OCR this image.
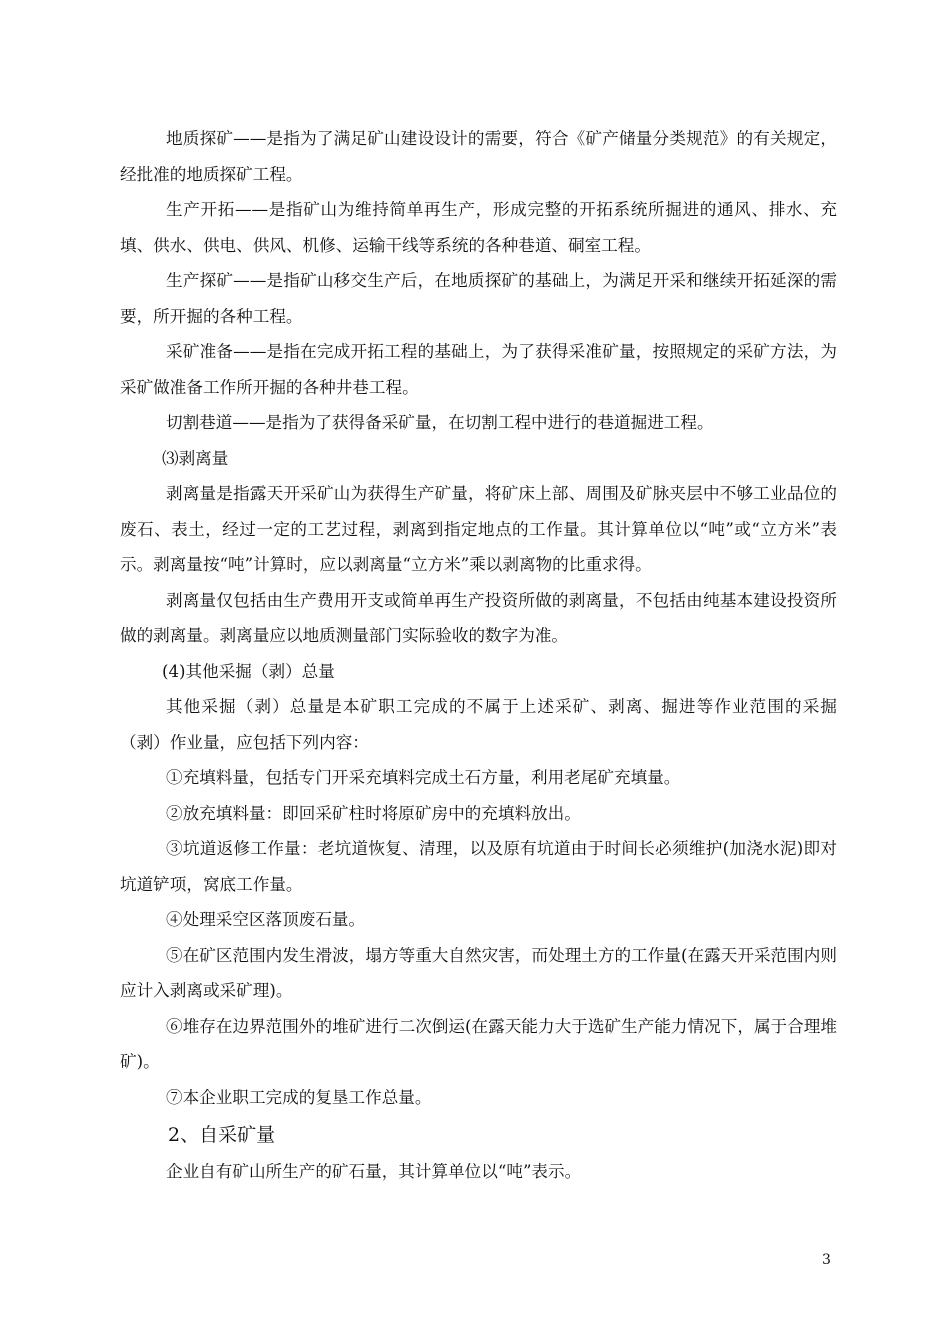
地质探矿——是指为了满足矿山建设设计的需要，符合《矿产储量分类规范》的有关规定，经批准的地质探矿工程。

生产开拓——是指矿山为维持简单再生产，形成完整的开拓系统所掘进的通风、排水、充填、供水、供电、供风、机修、运输干线等系统的各种巷道、硐室工程。

生产探矿——是指矿山移交生产后，在地质探矿的基础上，为满足开采和继续开拓延深的需要，所开掘的各种工程。

采矿准备——是指在完成开拓工程的基础上，为了获得采准矿量，按照规定的采矿方法，为采矿做准备工作所开掘的各种井巷工程。

切割巷道——是指为了获得备采矿量，在切割工程中进行的巷道掘进工程。

⑶剥离量

剥离量是指露天开采矿山为获得生产矿量，将矿床上部、周围及矿脉夹层中不够工业品位的废石、表土，经过一定的工艺过程，剥离到指定地点的工作量。其计算单位以“吨”或“立方米”表示。剥离量按“吨”计算时，应以剥离量“立方米”乘以剥离物的比重求得。

剥离量仅包括由生产费用开支或简单再生产投资所做的剥离量，不包括由纯基本建设投资所做的剥离量。剥离量应以地质测量部门实际验收的数字为准。

(4)其他采掘（剥）总量

其他采掘（剥）总量是本矿职工完成的不属于上述采矿、剥离、掘进等作业范围的采掘（剥）作业量，应包括下列内容：

①充填料量，包括专门开采充填料完成土石方量，利用老尾矿充填量。

②放充填料量：即回采矿柱时将原矿房中的充填料放出。

③坑道返修工作量：老坑道恢复、清理，以及原有坑道由于时间长必须维护(加浇水泥)即对坑道铲项，窝底工作量。

④处理采空区落顶废石量。

⑤在矿区范围内发生滑波，塌方等重大自然灾害，而处理土方的工作量(在露天开采范围内则应计入剥离或采矿理)。

⑥堆存在边界范围外的堆矿进行二次倒运(在露天能力大于选矿生产能力情况下，属于合理堆矿)。

⑦本企业职工完成的复垦工作总量。

2、自采矿量

企业自有矿山所生产的矿石量，其计算单位以“吨”表示。

3
